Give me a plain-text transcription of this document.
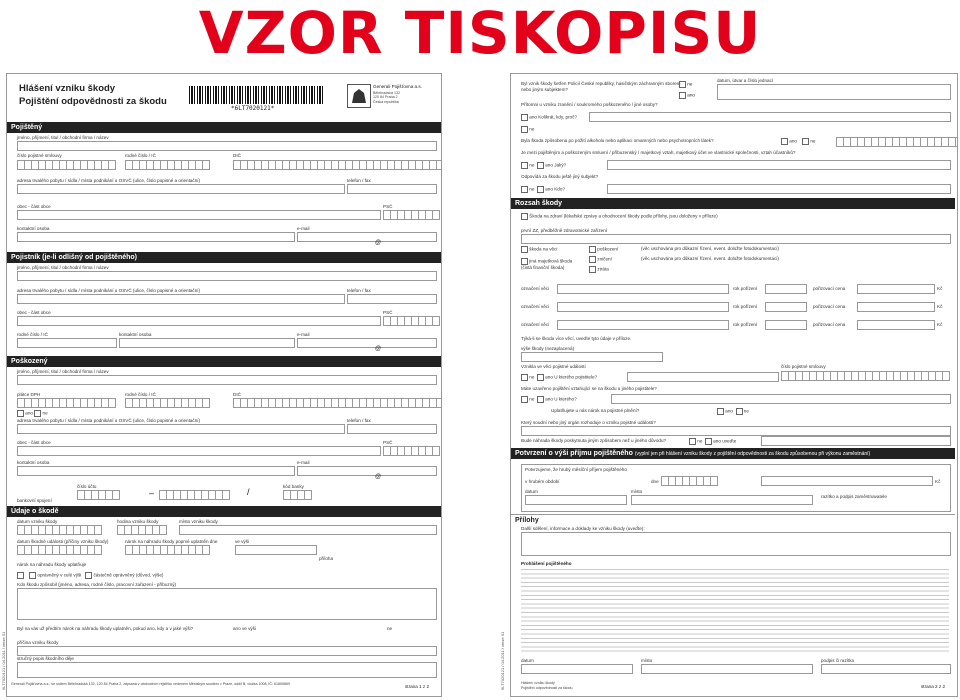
VZOR TISKOPISU
Hlášení vzniku škody
Pojištění odpovědnosti za škodu
*6LT7020121*
Generali Pojišťovna a.s.
Bělehradská 132
120 84 Praha 2
Česká republika
Pojištěný
jméno, příjmení, titul / obchodní firma / název
číslo pojistné smlouvy	rodné číslo / IČ	DIČ
adresa trvalého pobytu / sídla / místa podnikání u OSVČ (ulice, číslo popisné a orientační)	telefon / fax
obec - část obce	PSČ
kontaktní osoba	e-mail
@
Pojistník (je-li odlišný od pojištěného)
jméno, příjmení, titul / obchodní firma / název
adresa trvalého pobytu / sídla / místa podnikání u OSVČ (ulice, číslo popisné a orientační)	telefon / fax
obec - část obce	PSČ
rodné číslo / IČ	kontaktní osoba	e-mail
@
Poškozený
jméno, příjmení, titul / obchodní firma / název
plátce DPH	rodné číslo / IČ	DIČ
ano ne
adresa trvalého pobytu / sídla / místa podnikání u OSVČ (ulice, číslo popisné a orientační)	telefon / fax
obec - část obce	PSČ
kontaktní osoba	e-mail
@
číslo účtu	kód banky
–	/
bankovní spojení
Údaje o škodě
datum vzniku škody	hodina vzniku škody	místo vzniku škody
datum škodné události (příčiny vzniku škody)	nárok na náhradu škody poprvé uplatněn dne	ve výši
příloha
nárok na náhradu škody uplatňuje
oprávněný v celé výši	částečně oprávněný (důvod, výše)
Kdo škodu způsobil (jméno, adresa, rodné číslo, pracovní zařazení - příbuzný)
Byl na vás už předtím nárok na náhradu škody uplatněn, pokud ano, kdy a v jaké výši?	ano ve výši	ne
příčina vzniku škody
stručný popis škodního děje
Generali Pojišťovna a.s., se sídlem Bělehradská 132, 120 84 Praha 2, zapsaná v obchodním rejstříku vedeném Městským soudem v Praze, oddíl B, vložka 1008, IČ: 61859869	strana 1 z 2
6LT7020121 / 04.2011 / verze 01
Byl vznik škody šetřen Policií České republiky, hasičským záchranným sborem nebo jiným subjektem?
ne
ano
datum, útvar a číslo jednací
Přítomni u vzniku zranění / soukromého poškozeného / jiné osoby?
ano Kolikrát, kdy, proč?
ne
Byla škoda způsobena po požití alkoholu nebo aplikaci omamných nebo psychotropních látek?	ano	ne
Je mezi pojištěným a poškozeným smluvní / příbuzenský / majetkový vztah, majetkový účet ve vlastnické společnosti, vztah účastníků?
ne ano Jaký?
Odpovídá za škodu ještě jiný subjekt?
ne ano Kdo?
Rozsah škody
Škoda na zdraví (lékařské zprávy a ohodnocení škody podle přílohy, jsou doloženy v příloze)
první ZZ, předběžně zdravotnické zařízení
škoda na věci	poškození	(věc uschována pro důkazní řízení, event. doložte fotodokumentaci)
zničení	(věc uschována pro důkazní řízení, event. doložte fotodokumentaci)
jiná majetková škoda (čistá finanční škoda)	ztráta
označení věci	rok pořízení	pořizovací cena	Kč
označení věci	rok pořízení	pořizovací cena	Kč
označení věci	rok pořízení	pořizovací cena	Kč
Týká-li se škoda více věcí, uveďte tyto údaje v příloze.
výše škody (nezaplacená)
Vznikla ve věci pojistné události	číslo pojistné smlouvy
ne ano U kterého pojistitele?
Máte uzavřeno pojištění vztahující se na škodu u jiného pojistitele?
ne ano U kterého?
Uplatňujete u nás nárok na pojistné plnění?	ano ne
Který soudní nebo jiný orgán rozhoduje o vzniku pojistné události?
Bude náhrada škody poskytnuta jiným způsobem než u jiného důvodu?	ne ano uveďte
Potvrzení o výši příjmu pojištěného (vyplní jen při hlášení vzniku škody z pojištění odpovědnosti za škodu způsobenou při výkonu zaměstnání)
Potvrzujeme, že hrubý měsíční příjem pojištěného
v hrubém období	dne	Kč
datum	místo
razítko a podpis zaměstnavatele
Přílohy
Další sdělení, informace a doklady ke vzniku škody (uveďte):
Prohlášení pojištěného
datum	místo	podpis či razítko
Hlášení vzniku škody
Pojištění odpovědnosti za škodu	strana 2 z 2
6LT7020121 / 04.2011 / verze 01
